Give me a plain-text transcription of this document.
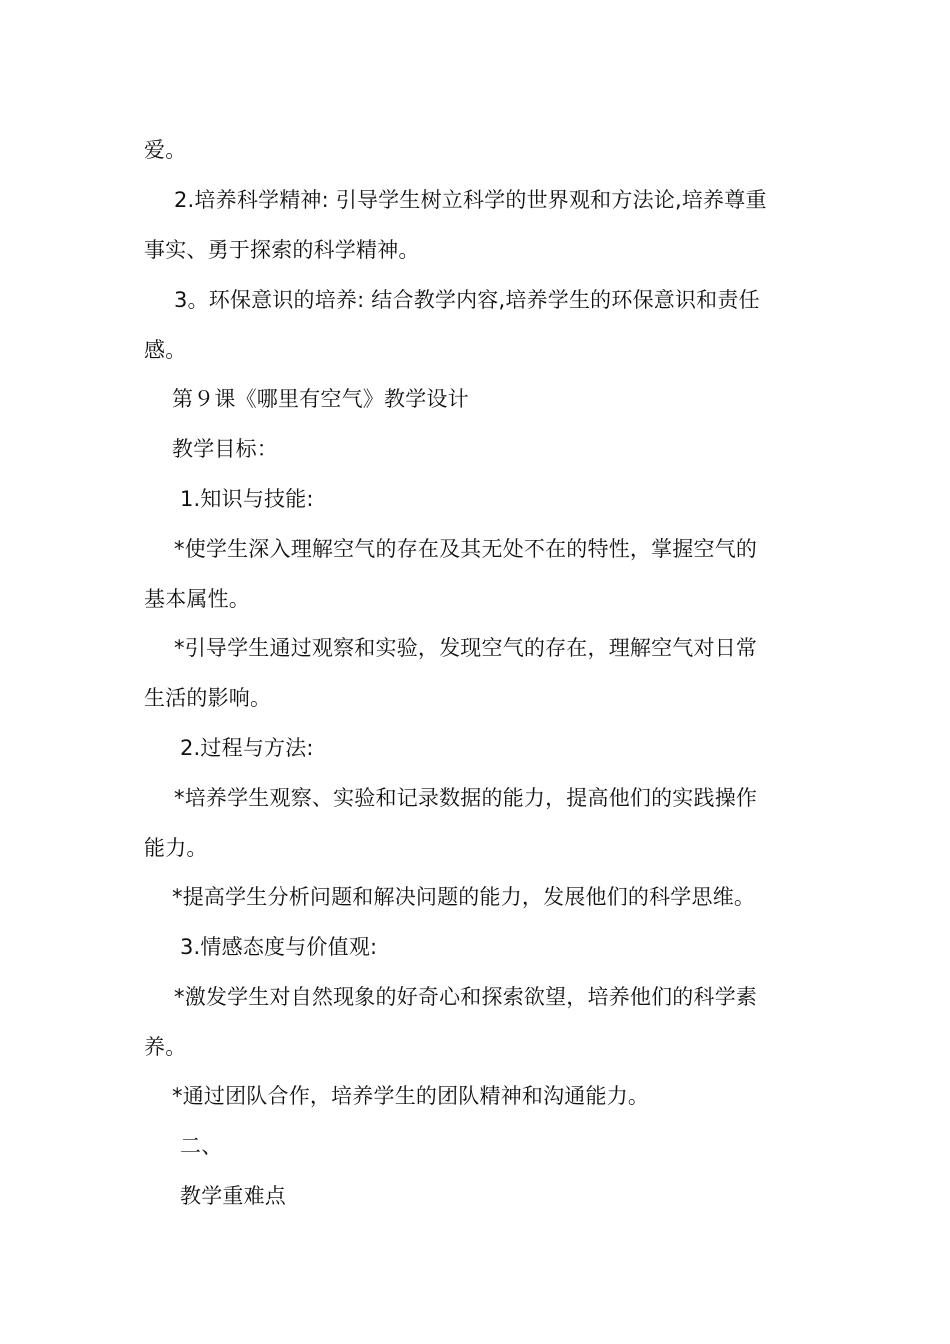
爱。
2.培养科学精神: 引导学生树立科学的世界观和方法论,培养尊重
事实、勇于探索的科学精神。
3。环保意识的培养: 结合教学内容,培养学生的环保意识和责任
感。
第９课《哪里有空气》教学设计
教学目标：
1.知识与技能:
*使学生深入理解空气的存在及其无处不在的特性，掌握空气的
基本属性。
*引导学生通过观察和实验，发现空气的存在，理解空气对日常
生活的影响。
2.过程与方法:
*培养学生观察、实验和记录数据的能力，提高他们的实践操作
能力。
*提高学生分析问题和解决问题的能力，发展他们的科学思维。
3.情感态度与价值观:
*激发学生对自然现象的好奇心和探索欲望，培养他们的科学素
养。
*通过团队合作，培养学生的团队精神和沟通能力。
二、
教学重难点
